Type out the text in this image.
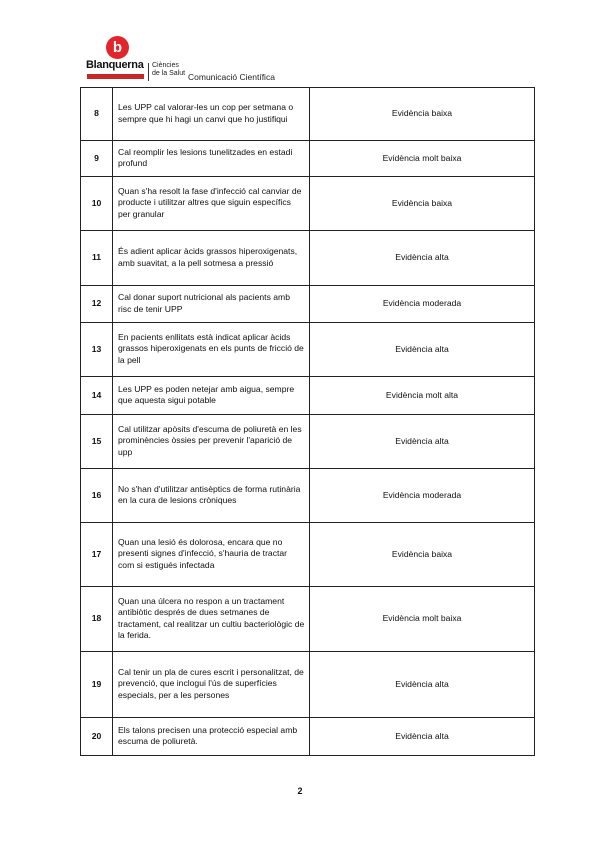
b
Blanquerna Ciències
de la Salut Comunicació Científica
8	Les UPP cal valorar-les un cop per setmana o sempre que hi hagi un canvi que ho justifiqui	Evidència baixa
9	Cal reomplir les lesions tunelitzades en estadi profund	Evidència molt baixa
10	Quan s'ha resolt la fase d'infecció cal canviar de producte i utilitzar altres que siguin específics per granular	Evidència baixa
11	És adient aplicar àcids grassos hiperoxigenats, amb suavitat, a la pell sotmesa a pressió	Evidència alta
12	Cal donar suport nutricional als pacients amb risc de tenir UPP	Evidència moderada
13	En pacients enllitats està indicat aplicar àcids grassos hiperoxigenats en els punts de fricció de la pell	Evidència alta
14	Les UPP es poden netejar amb aigua, sempre que aquesta sigui potable	Evidència molt alta
15	Cal utilitzar apòsits d'escuma de poliuretà en les prominències òssies per prevenir l'aparició de upp	Evidència alta
16	No s'han d'utilitzar antisèptics de forma rutinària en la cura de lesions cròniques	Evidència moderada
17	Quan una lesió és dolorosa, encara que no presenti signes d'infecció, s'hauria de tractar com si estigués infectada	Evidència baixa
18	Quan una úlcera no respon a un tractament antibiòtic després de dues setmanes de tractament, cal realitzar un cultiu bacteriològic de la ferida.	Evidència molt baixa
19	Cal tenir un pla de cures escrit i personalitzat, de prevenció, que inclogui l'ús de superfícies especials, per a les persones	Evidència alta
20	Els talons precisen una protecció especial amb escuma de poliuretà.	Evidència alta
2
